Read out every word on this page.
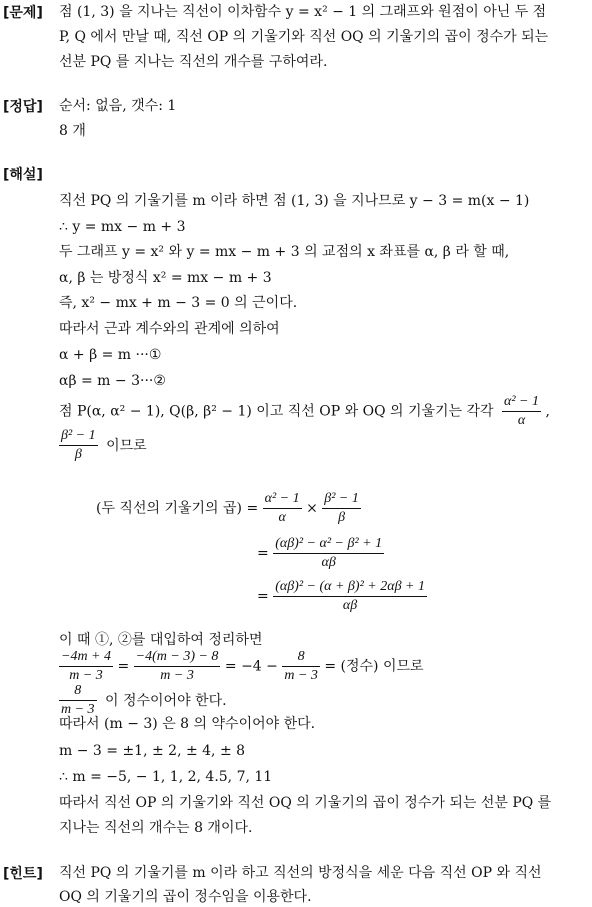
[문제] 점 (1, 3) 을 지나는 직선이 이차함수 y = x² − 1 의 그래프와 원점이 아닌 두 점
P, Q 에서 만날 때, 직선 OP 의 기울기와 직선 OQ 의 기울기의 곱이 정수가 되는
선분 PQ 를 지나는 직선의 개수를 구하여라.
[정답] 순서: 없음, 갯수: 1
8 개
[해설]
직선 PQ 의 기울기를 m 이라 하면 점 (1, 3) 을 지나므로 y − 3 = m(x − 1)
∴ y = mx − m + 3
두 그래프 y = x² 와 y = mx − m + 3 의 교점의 x 좌표를 α, β 라 할 때,
α, β 는 방정식 x² = mx − m + 3
즉, x² − mx + m − 3 = 0 의 근이다.
따라서 근과 계수와의 관계에 의하여
α + β = m ···①
αβ = m − 3···②
점 P(α, α² − 1), Q(β, β² − 1) 이고 직선 OP 와 OQ 의 기울기는 각각 $\frac{\text{α² − 1}}{\alpha}$ ,
$\frac{\text{β² − 1}}{\beta}$ 이므로
(두 직선의 기울기의 곱) = $\frac{\text{α² − 1}}{\alpha} \times \frac{\text{β² − 1}}{\beta}$
= $\frac{\text{(αβ)² − α² − β² + 1}}{\alpha\beta}$
= $\frac{\text{(αβ)² − (α + β)² + 2αβ + 1}}{\alpha\beta}$
이 때 ①, ②를 대입하여 정리하면
$\frac{-4m + 4}{m - 3} = \frac{-4(m - 3) - 8}{m - 3} = -4 - \frac{8}{m - 3}$ = (정수) 이므로
$\frac{8}{m - 3}$ 이 정수이어야 한다.
따라서 (m − 3) 은 8 의 약수이어야 한다.
m − 3 = ±1, ± 2, ± 4, ± 8
∴ m = −5, − 1, 1, 2, 4.5, 7, 11
따라서 직선 OP 의 기울기와 직선 OQ 의 기울기의 곱이 정수가 되는 선분 PQ 를
지나는 직선의 개수는 8 개이다.
[힌트] 직선 PQ 의 기울기를 m 이라 하고 직선의 방정식을 세운 다음 직선 OP 와 직선
OQ 의 기울기의 곱이 정수임을 이용한다.
